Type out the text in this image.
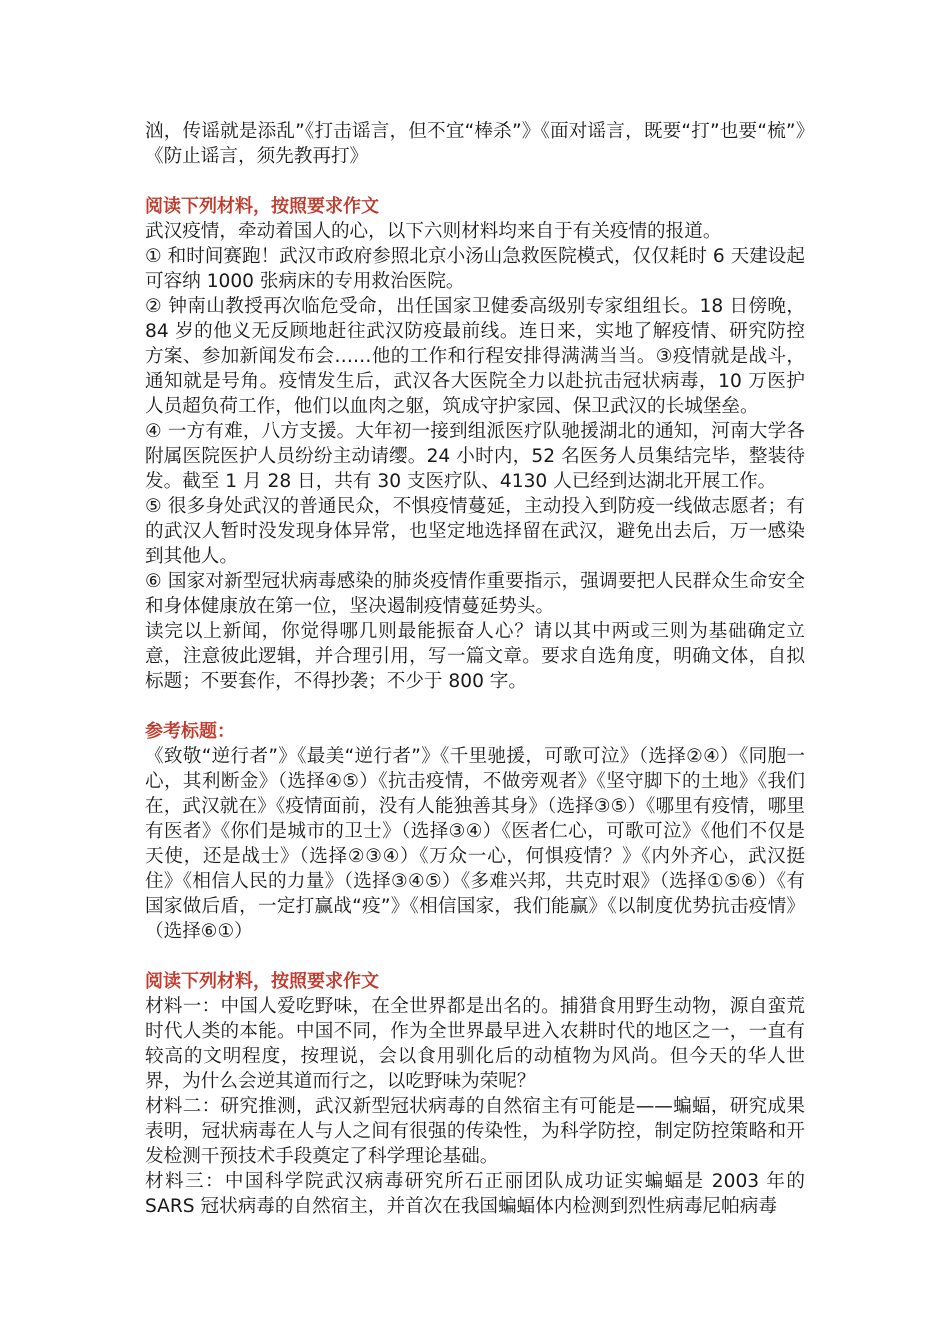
汹，传谣就是添乱”《打击谣言，但不宜“棒杀”》《面对谣言，既要“打”也要“梳”》《防止谣言，须先教再打》

阅读下列材料，按照要求作文

武汉疫情，牵动着国人的心，以下六则材料均来自于有关疫情的报道。

① 和时间赛跑！武汉市政府参照北京小汤山急救医院模式，仅仅耗时 6 天建设起可容纳 1000 张病床的专用救治医院。

② 钟南山教授再次临危受命，出任国家卫健委高级别专家组组长。18 日傍晚，84 岁的他义无反顾地赶往武汉防疫最前线。连日来，实地了解疫情、研究防控方案、参加新闻发布会……他的工作和行程安排得满满当当。③疫情就是战斗，通知就是号角。疫情发生后，武汉各大医院全力以赴抗击冠状病毒，10 万医护人员超负荷工作，他们以血肉之躯，筑成守护家园、保卫武汉的长城堡垒。

④ 一方有难，八方支援。大年初一接到组派医疗队驰援湖北的通知，河南大学各附属医院医护人员纷纷主动请缨。24 小时内，52 名医务人员集结完毕，整装待发。截至 1 月 28 日，共有 30 支医疗队、4130 人已经到达湖北开展工作。

⑤ 很多身处武汉的普通民众，不惧疫情蔓延，主动投入到防疫一线做志愿者；有的武汉人暂时没发现身体异常，也坚定地选择留在武汉，避免出去后，万一感染到其他人。

⑥ 国家对新型冠状病毒感染的肺炎疫情作重要指示，强调要把人民群众生命安全和身体健康放在第一位，坚决遏制疫情蔓延势头。

读完以上新闻，你觉得哪几则最能振奋人心？请以其中两或三则为基础确定立意，注意彼此逻辑，并合理引用，写一篇文章。要求自选角度，明确文体，自拟标题；不要套作，不得抄袭；不少于 800 字。

参考标题：

《致敬“逆行者”》《最美“逆行者”》《千里驰援，可歌可泣》（选择②④）《同胞一心，其利断金》（选择④⑤）《抗击疫情，不做旁观者》《坚守脚下的土地》《我们在，武汉就在》《疫情面前，没有人能独善其身》（选择③⑤）《哪里有疫情，哪里有医者》《你们是城市的卫士》（选择③④）《医者仁心，可歌可泣》《他们不仅是天使，还是战士》（选择②③④）《万众一心，何惧疫情？》《内外齐心，武汉挺住》《相信人民的力量》（选择③④⑤）《多难兴邦，共克时艰》（选择①⑤⑥）《有国家做后盾，一定打赢战“疫”》《相信国家，我们能赢》《以制度优势抗击疫情》（选择⑥①）

阅读下列材料，按照要求作文

材料一：中国人爱吃野味，在全世界都是出名的。捕猎食用野生动物，源自蛮荒时代人类的本能。中国不同，作为全世界最早进入农耕时代的地区之一，一直有较高的文明程度，按理说，会以食用驯化后的动植物为风尚。但今天的华人世界，为什么会逆其道而行之，以吃野味为荣呢？

材料二：研究推测，武汉新型冠状病毒的自然宿主有可能是——蝙蝠，研究成果表明，冠状病毒在人与人之间有很强的传染性，为科学防控，制定防控策略和开发检测干预技术手段奠定了科学理论基础。

材料三：中国科学院武汉病毒研究所石正丽团队成功证实蝙蝠是 2003 年的 SARS 冠状病毒的自然宿主，并首次在我国蝙蝠体内检测到烈性病毒尼帕病毒
